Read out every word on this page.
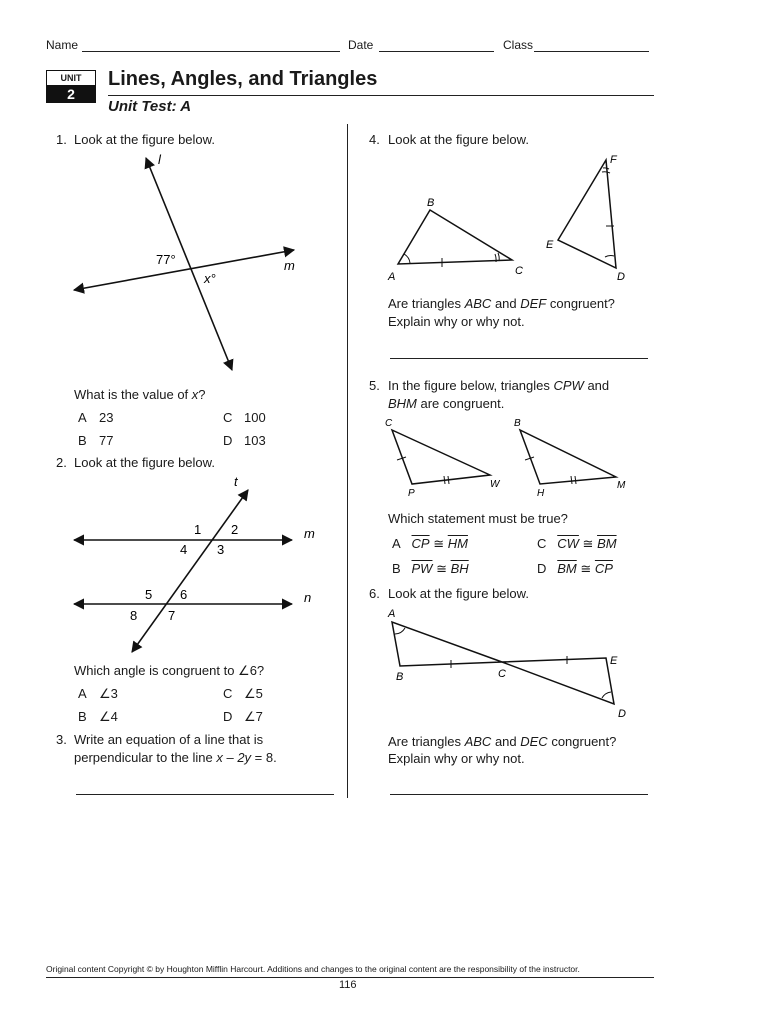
Name	Date	Class
UNIT
2
Lines, Angles, and Triangles
Unit Test: A
1. Look at the figure below.
l
m
77°
x°
What is the value of x?
A 23
B 77
C 100
D 103
2. Look at the figure below.
t
m
n
1 2
3
4
5 6
7
8
Which angle is congruent to ∠6?
A ∠3
B ∠4
C ∠5
D ∠7
3. Write an equation of a line that is
perpendicular to the line x – 2y = 8.
4. Look at the figure below.
B
A	C
F
E
D
Are triangles ABC and DEF congruent?
Explain why or why not.
5. In the figure below, triangles CPW and
BHM are congruent.
C
P
W
B
H
M
Which statement must be true?
A $\overline{CP}$ ≅ $\overline{HM}$
B $\overline{PW}$ ≅ $\overline{BH}$
C $\overline{CW}$ ≅ $\overline{BM}$
D $\overline{BM}$ ≅ $\overline{CP}$
6. Look at the figure below.
A
B	C
E
D
Are triangles ABC and DEC congruent?
Explain why or why not.
Original content Copyright © by Houghton Mifflin Harcourt. Additions and changes to the original content are the responsibility of the instructor.
116
